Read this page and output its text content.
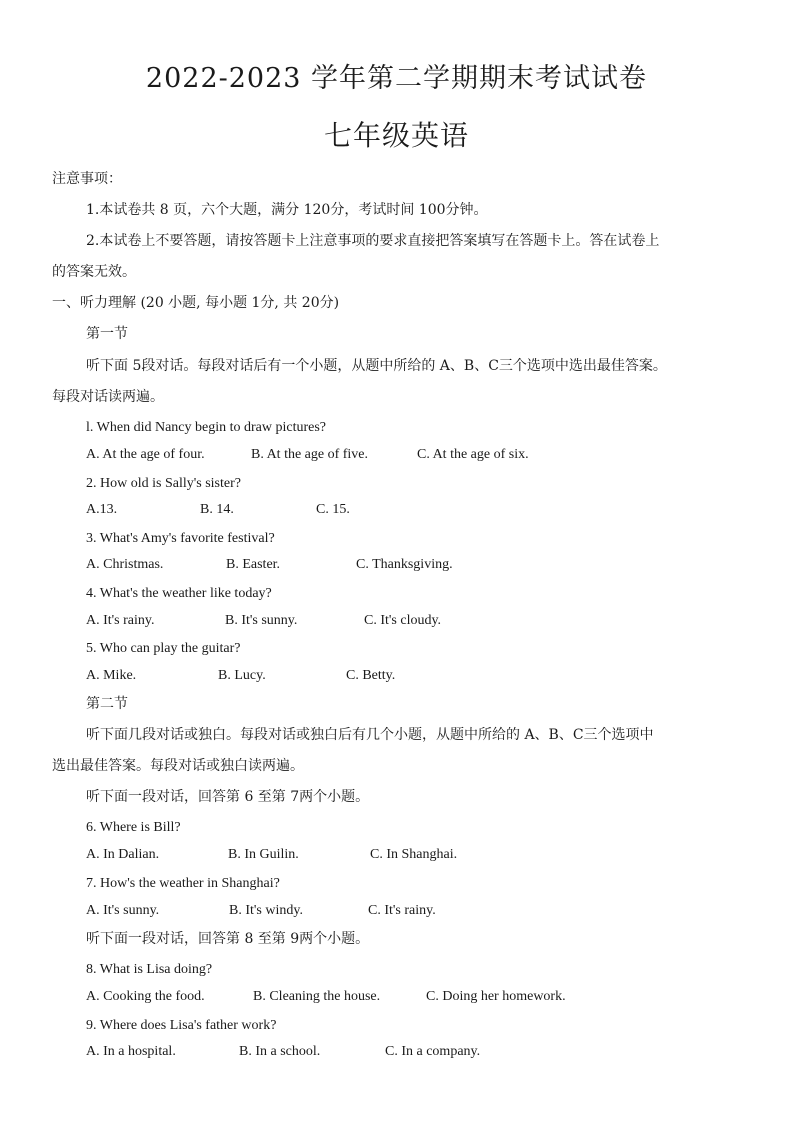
2022-2023 学年第二学期期末考试试卷
七年级英语
注意事项：
1.本试卷共 8 页，六个大题，满分 120分，考试时间 100分钟。
2.本试卷上不要答题，请按答题卡上注意事项的要求直接把答案填写在答题卡上。答在试卷上
的答案无效。
一、听力理解 (20 小题, 每小题 1分, 共 20分)
第一节
听下面 5段对话。每段对话后有一个小题，从题中所给的 A、B、C三个选项中选出最佳答案。
每段对话读两遍。
l. When did Nancy begin to draw pictures?
A. At the age of four.	B. At the age of five.	C. At the age of six.
2. How old is Sally's sister?
A.13.	B. 14.	C. 15.
3. What's Amy's favorite festival?
A. Christmas.	B. Easter.	C. Thanksgiving.
4. What's the weather like today?
A. It's rainy.	B. It's sunny.	C. It's cloudy.
5. Who can play the guitar?
A. Mike.	B. Lucy.	C. Betty.
第二节
听下面几段对话或独白。每段对话或独白后有几个小题，从题中所给的 A、B、C三个选项中
选出最佳答案。每段对话或独白读两遍。
听下面一段对话，回答第 6 至第 7两个小题。
6. Where is Bill?
A. In Dalian.	B. In Guilin.	C. In Shanghai.
7. How's the weather in Shanghai?
A. It's sunny.	B. It's windy.	C. It's rainy.
听下面一段对话，回答第 8 至第 9两个小题。
8. What is Lisa doing?
A. Cooking the food.	B. Cleaning the house.	C. Doing her homework.
9. Where does Lisa's father work?
A. In a hospital.	B. In a school.	C. In a company.
